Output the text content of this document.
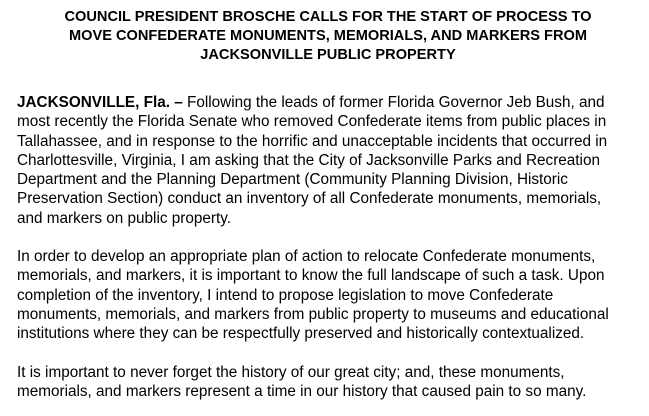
COUNCIL PRESIDENT BROSCHE CALLS FOR THE START OF PROCESS TO
MOVE CONFEDERATE MONUMENTS, MEMORIALS, AND MARKERS FROM
JACKSONVILLE PUBLIC PROPERTY

JACKSONVILLE, Fla. – Following the leads of former Florida Governor Jeb Bush, and
most recently the Florida Senate who removed Confederate items from public places in
Tallahassee, and in response to the horrific and unacceptable incidents that occurred in
Charlottesville, Virginia, I am asking that the City of Jacksonville Parks and Recreation
Department and the Planning Department (Community Planning Division, Historic
Preservation Section) conduct an inventory of all Confederate monuments, memorials,
and markers on public property.

In order to develop an appropriate plan of action to relocate Confederate monuments,
memorials, and markers, it is important to know the full landscape of such a task. Upon
completion of the inventory, I intend to propose legislation to move Confederate
monuments, memorials, and markers from public property to museums and educational
institutions where they can be respectfully preserved and historically contextualized.

It is important to never forget the history of our great city; and, these monuments,
memorials, and markers represent a time in our history that caused pain to so many.
